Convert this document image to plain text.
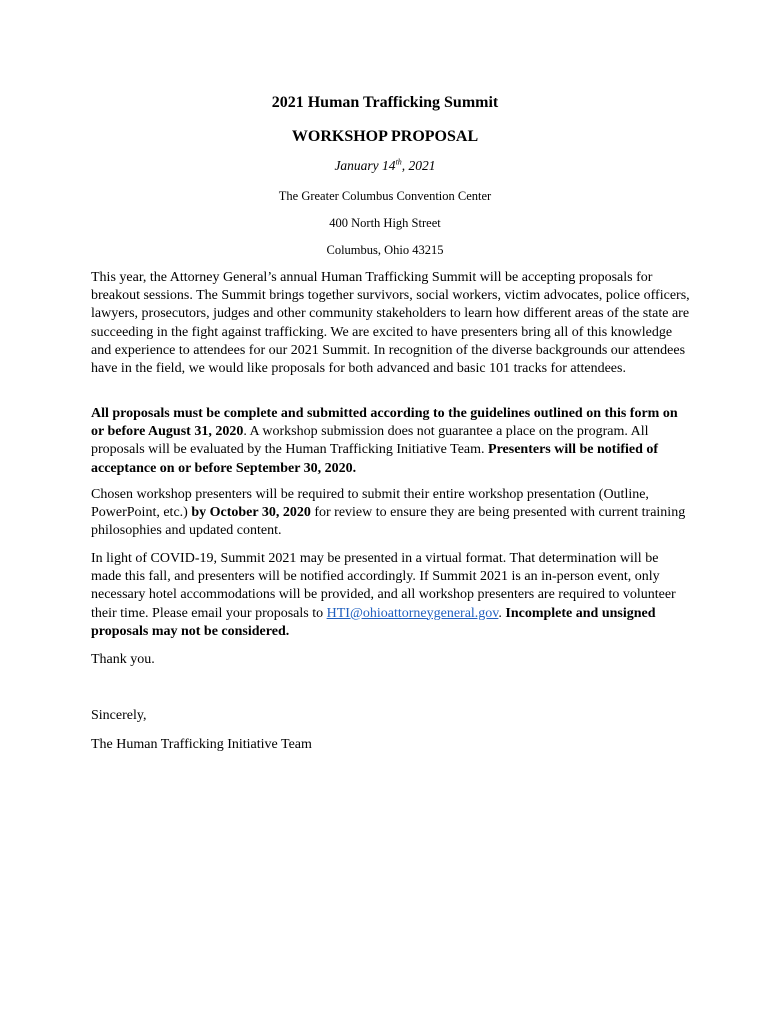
2021 Human Trafficking Summit
WORKSHOP PROPOSAL
January 14th, 2021
The Greater Columbus Convention Center
400 North High Street
Columbus, Ohio 43215

This year, the Attorney General’s annual Human Trafficking Summit will be accepting proposals for breakout sessions. The Summit brings together survivors, social workers, victim advocates, police officers, lawyers, prosecutors, judges and other community stakeholders to learn how different areas of the state are succeeding in the fight against trafficking. We are excited to have presenters bring all of this knowledge and experience to attendees for our 2021 Summit. In recognition of the diverse backgrounds our attendees have in the field, we would like proposals for both advanced and basic 101 tracks for attendees.

All proposals must be complete and submitted according to the guidelines outlined on this form on or before August 31, 2020. A workshop submission does not guarantee a place on the program. All proposals will be evaluated by the Human Trafficking Initiative Team. Presenters will be notified of acceptance on or before September 30, 2020.

Chosen workshop presenters will be required to submit their entire workshop presentation (Outline, PowerPoint, etc.) by October 30, 2020 for review to ensure they are being presented with current training philosophies and updated content.

In light of COVID-19, Summit 2021 may be presented in a virtual format. That determination will be made this fall, and presenters will be notified accordingly. If Summit 2021 is an in-person event, only necessary hotel accommodations will be provided, and all workshop presenters are required to volunteer their time. Please email your proposals to HTI@ohioattorneygeneral.gov. Incomplete and unsigned proposals may not be considered.

Thank you.

Sincerely,

The Human Trafficking Initiative Team
